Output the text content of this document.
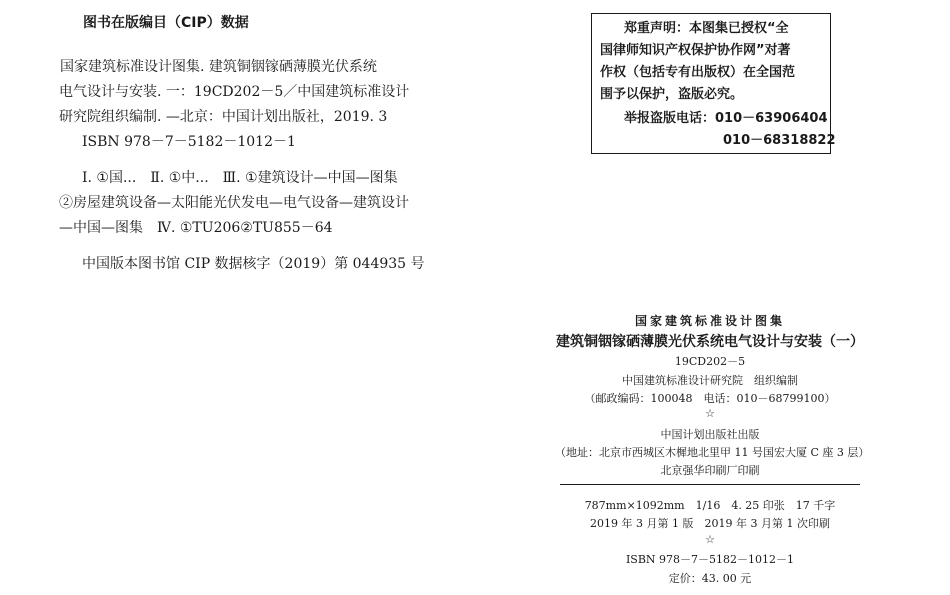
图书在版编目（CIP）数据
国家建筑标准设计图集. 建筑铜铟镓硒薄膜光伏系统
电气设计与安装. 一：19CD202－5／中国建筑标准设计
研究院组织编制. —北京：中国计划出版社，2019. 3
ISBN 978－7－5182－1012－1
Ⅰ. ①国...　Ⅱ. ①中...　Ⅲ. ①建筑设计—中国—图集
②房屋建筑设备—太阳能光伏发电—电气设备—建筑设计
—中国—图集　Ⅳ. ①TU206②TU855－64
中国版本图书馆 CIP 数据核字（2019）第 044935 号
郑重声明：本图集已授权“全
国律师知识产权保护协作网”对著
作权（包括专有出版权）在全国范
围予以保护，盗版必究。
举报盗版电话：010－63906404
010－68318822
国家建筑标准设计图集
建筑铜铟镓硒薄膜光伏系统电气设计与安装（一）
19CD202－5
中国建筑标准设计研究院　组织编制
（邮政编码：100048　电话：010－68799100）
☆
中国计划出版社出版
（地址：北京市西城区木樨地北里甲 11 号国宏大厦 C 座 3 层）
北京强华印刷厂印刷
787mm×1092mm　1/16　4. 25 印张　17 千字
2019 年 3 月第 1 版　2019 年 3 月第 1 次印刷
☆
ISBN 978－7－5182－1012－1
定价：43. 00 元
